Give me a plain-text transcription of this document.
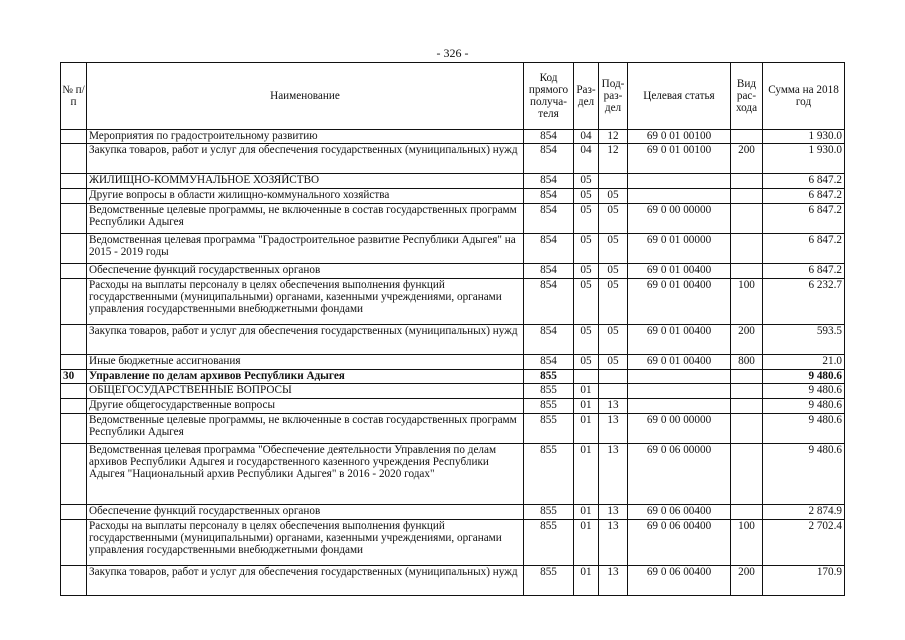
- 326 -
№ п/п	Наименование	Код прямого получа-теля	Раз-дел	Под-раз-дел	Целевая статья	Вид рас-хода	Сумма на 2018 год
	Мероприятия по градостроительному развитию	854	04	12	69 0 01 00100		1 930.0
	Закупка товаров, работ и услуг для обеспечения государственных (муниципальных) нужд	854	04	12	69 0 01 00100	200	1 930.0
	ЖИЛИЩНО-КОММУНАЛЬНОЕ ХОЗЯЙСТВО	854	05				6 847.2
	Другие вопросы в области жилищно-коммунального хозяйства	854	05	05			6 847.2
	Ведомственные целевые программы, не включенные в состав государственных программ Республики Адыгея	854	05	05	69 0 00 00000		6 847.2
	Ведомственная целевая программа "Градостроительное развитие Республики Адыгея" на 2015 - 2019 годы	854	05	05	69 0 01 00000		6 847.2
	Обеспечение функций государственных органов	854	05	05	69 0 01 00400		6 847.2
	Расходы на выплаты персоналу в целях обеспечения выполнения функций государственными (муниципальными) органами, казенными учреждениями, органами управления государственными внебюджетными фондами	854	05	05	69 0 01 00400	100	6 232.7
	Закупка товаров, работ и услуг для обеспечения государственных (муниципальных) нужд	854	05	05	69 0 01 00400	200	593.5
	Иные бюджетные ассигнования	854	05	05	69 0 01 00400	800	21.0
30	Управление по делам архивов Республики Адыгея	855					9 480.6
	ОБЩЕГОСУДАРСТВЕННЫЕ ВОПРОСЫ	855	01				9 480.6
	Другие общегосударственные вопросы	855	01	13			9 480.6
	Ведомственные целевые программы, не включенные в состав государственных программ Республики Адыгея	855	01	13	69 0 00 00000		9 480.6
	Ведомственная целевая программа "Обеспечение деятельности Управления по делам архивов Республики Адыгея и государственного казенного учреждения Республики Адыгея "Национальный архив Республики Адыгея" в 2016 - 2020 годах"	855	01	13	69 0 06 00000		9 480.6
	Обеспечение функций государственных органов	855	01	13	69 0 06 00400		2 874.9
	Расходы на выплаты персоналу в целях обеспечения выполнения функций государственными (муниципальными) органами, казенными учреждениями, органами управления государственными внебюджетными фондами	855	01	13	69 0 06 00400	100	2 702.4
	Закупка товаров, работ и услуг для обеспечения государственных (муниципальных) нужд	855	01	13	69 0 06 00400	200	170.9
